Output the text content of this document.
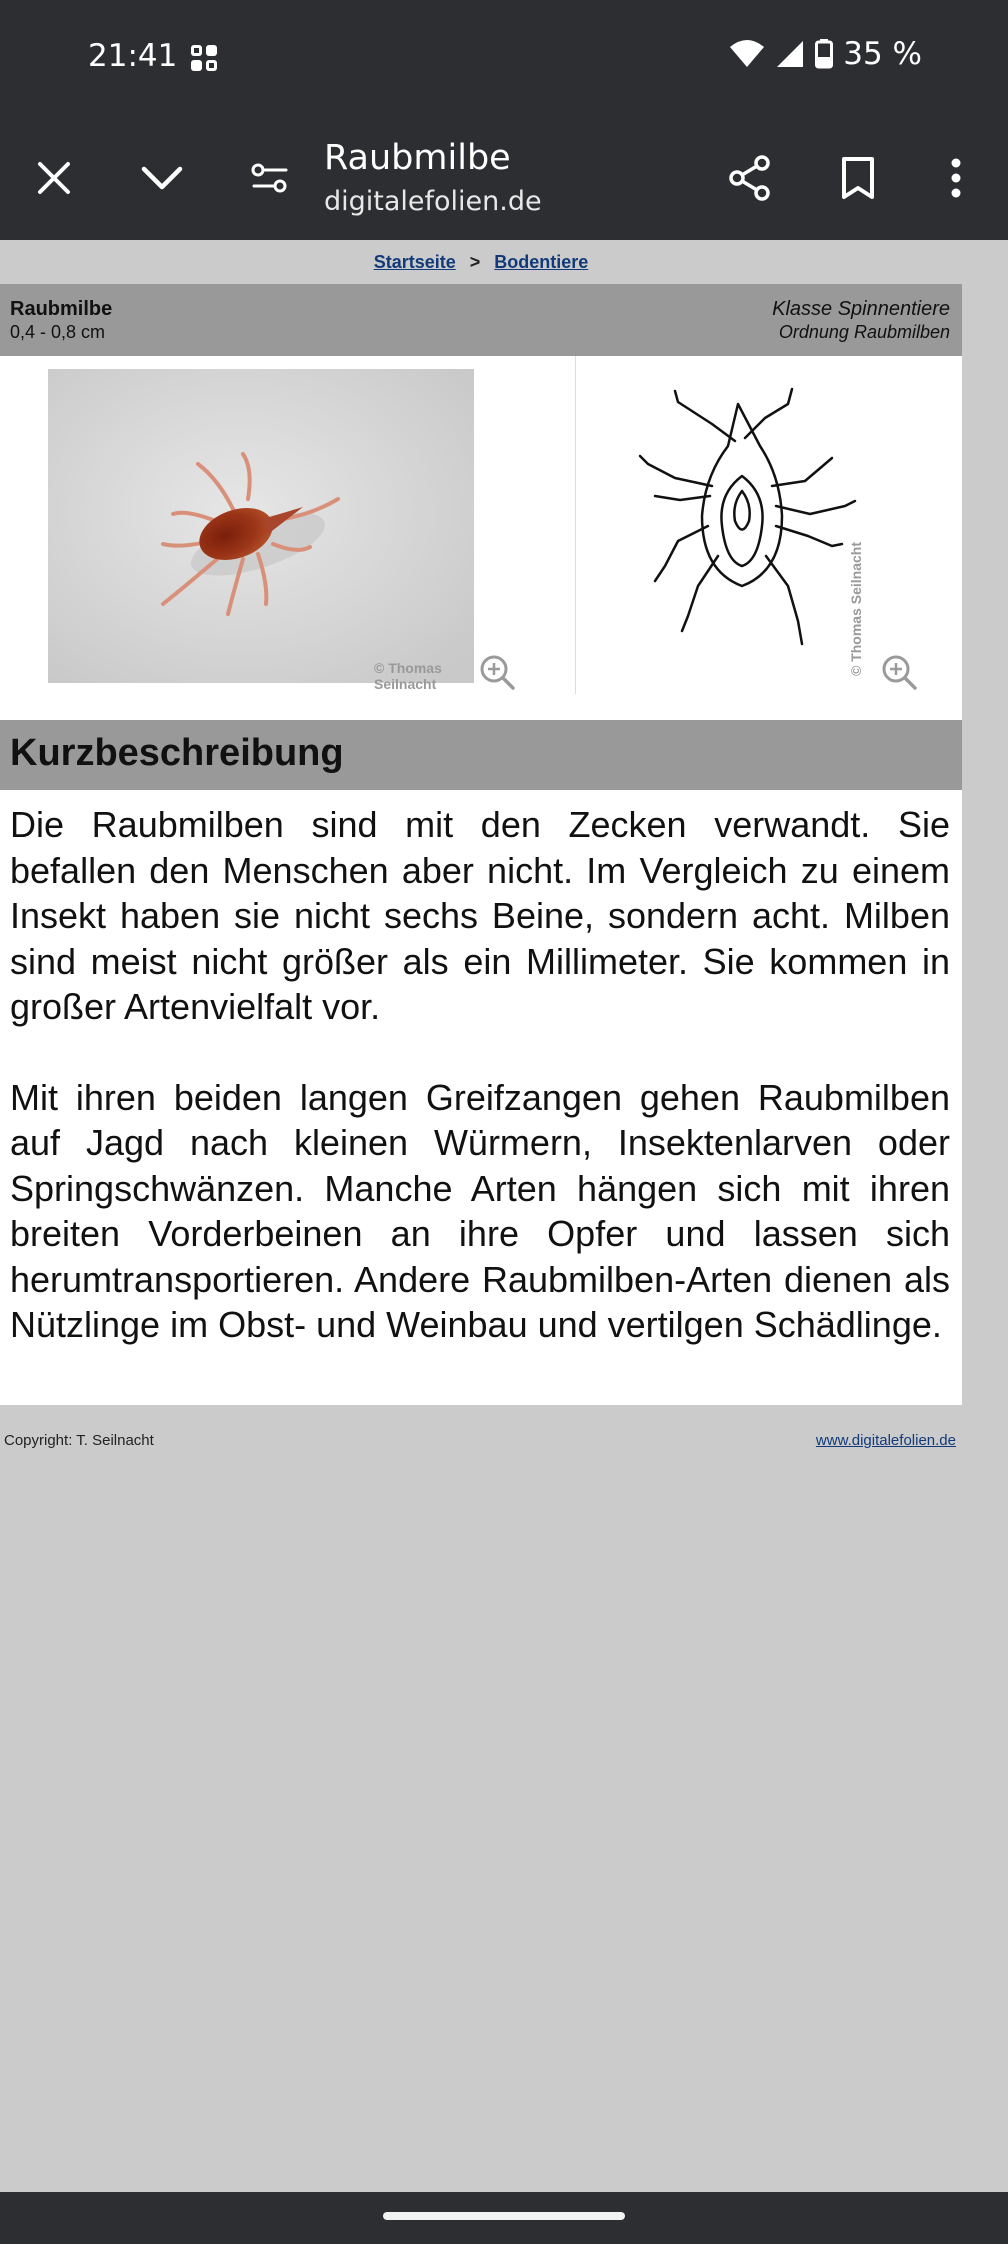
21:41	35 %
Raubmilbe
digitalefolien.de
Startseite > Bodentiere
Raubmilbe
0,4 - 0,8 cm
Klasse Spinnentiere
Ordnung Raubmilben
© Thomas Seilnacht
© Thomas Seilnacht
Kurzbeschreibung

Die Raubmilben sind mit den Zecken verwandt. Sie befallen den Menschen aber nicht. Im Vergleich zu einem Insekt haben sie nicht sechs Beine, sondern acht. Milben sind meist nicht größer als ein Millimeter. Sie kommen in großer Artenvielfalt vor.

Mit ihren beiden langen Greifzangen gehen Raubmilben auf Jagd nach kleinen Würmern, Insektenlarven oder Springschwänzen. Manche Arten hängen sich mit ihren breiten Vorderbeinen an ihre Opfer und lassen sich herumtransportieren. Andere Raubmilben-Arten dienen als Nützlinge im Obst- und Weinbau und vertilgen Schädlinge.

Copyright: T. Seilnacht	www.digitalefolien.de
